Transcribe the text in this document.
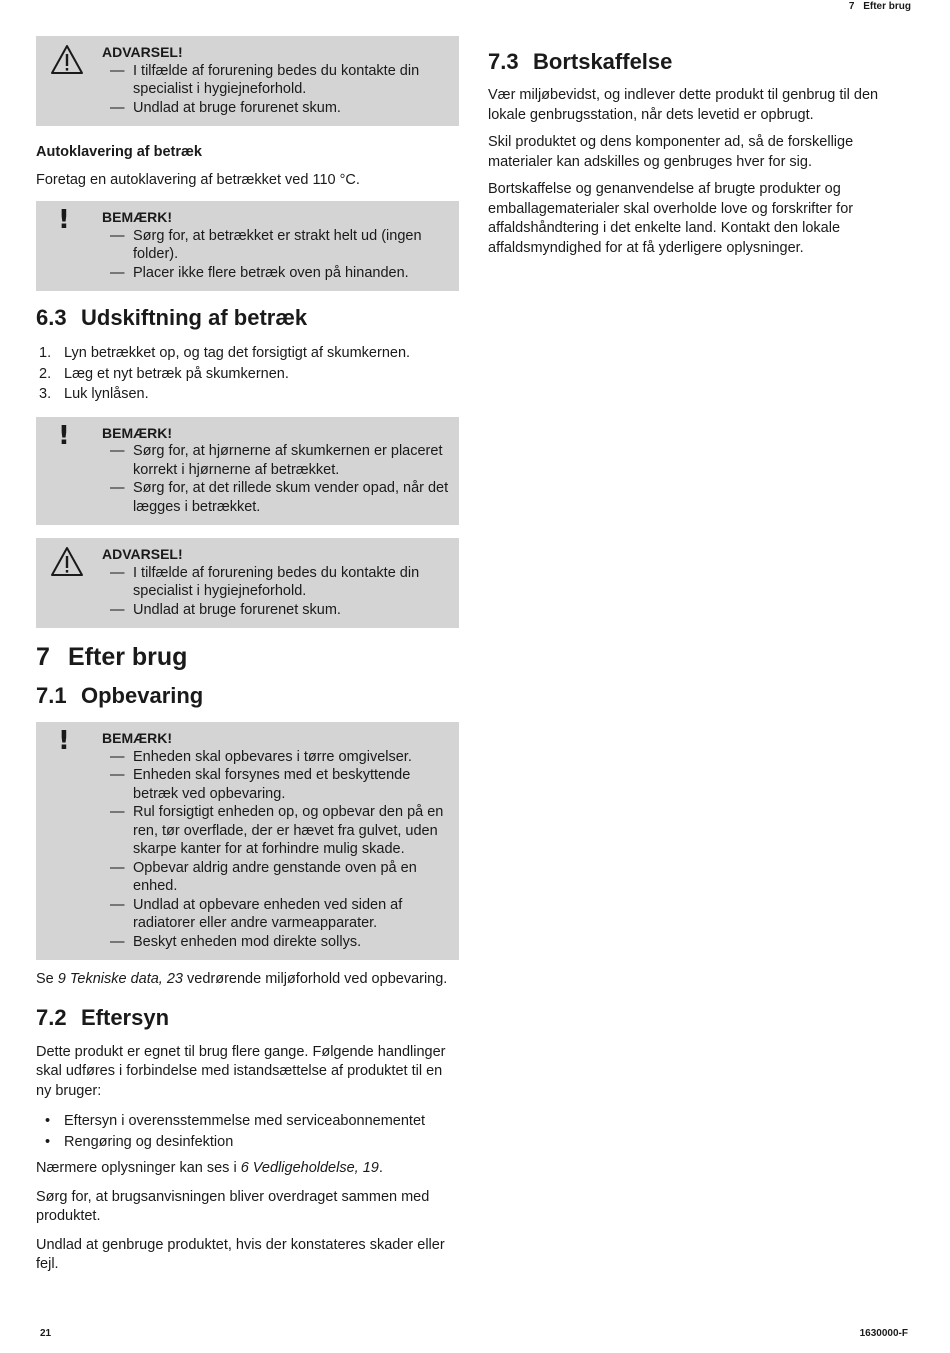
7 Efter brug
ADVARSEL!
— I tilfælde af forurening bedes du kontakte din specialist i hygiejneforhold.
— Undlad at bruge forurenet skum.

Autoklavering af betræk

Foretag en autoklavering af betrækket ved 110 °C.

! BEMÆRK!
— Sørg for, at betrækket er strakt helt ud (ingen folder).
— Placer ikke flere betræk oven på hinanden.
6.3 Udskiftning af betræk
1. Lyn betrækket op, og tag det forsigtigt af skumkernen.
2. Læg et nyt betræk på skumkernen.
3. Luk lynlåsen.
! BEMÆRK!
— Sørg for, at hjørnerne af skumkernen er placeret korrekt i hjørnerne af betrækket.
— Sørg for, at det rillede skum vender opad, når det lægges i betrækket.
ADVARSEL!
— I tilfælde af forurening bedes du kontakte din specialist i hygiejneforhold.
— Undlad at bruge forurenet skum.
7 Efter brug
7.1 Opbevaring
! BEMÆRK!
— Enheden skal opbevares i tørre omgivelser.
— Enheden skal forsynes med et beskyttende betræk ved opbevaring.
— Rul forsigtigt enheden op, og opbevar den på en ren, tør overflade, der er hævet fra gulvet, uden skarpe kanter for at forhindre mulig skade.
— Opbevar aldrig andre genstande oven på en enhed.
— Undlad at opbevare enheden ved siden af radiatorer eller andre varmeapparater.
— Beskyt enheden mod direkte sollys.

Se 9 Tekniske data, 23 vedrørende miljøforhold ved opbevaring.

7.2 Eftersyn

Dette produkt er egnet til brug flere gange. Følgende handlinger skal udføres i forbindelse med istandsættelse af produktet til en ny bruger:

• Eftersyn i overensstemmelse med serviceabonnementet
• Rengøring og desinfektion

Nærmere oplysninger kan ses i 6 Vedligeholdelse, 19.

Sørg for, at brugsanvisningen bliver overdraget sammen med produktet.

Undlad at genbruge produktet, hvis der konstateres skader eller fejl.

7.3 Bortskaffelse

Vær miljøbevidst, og indlever dette produkt til genbrug til den lokale genbrugsstation, når dets levetid er opbrugt.

Skil produktet og dens komponenter ad, så de forskellige materialer kan adskilles og genbruges hver for sig.

Bortskaffelse og genanvendelse af brugte produkter og emballagematerialer skal overholde love og forskrifter for affaldshåndtering i det enkelte land. Kontakt den lokale affaldsmyndighed for at få yderligere oplysninger.

21	1630000-F
